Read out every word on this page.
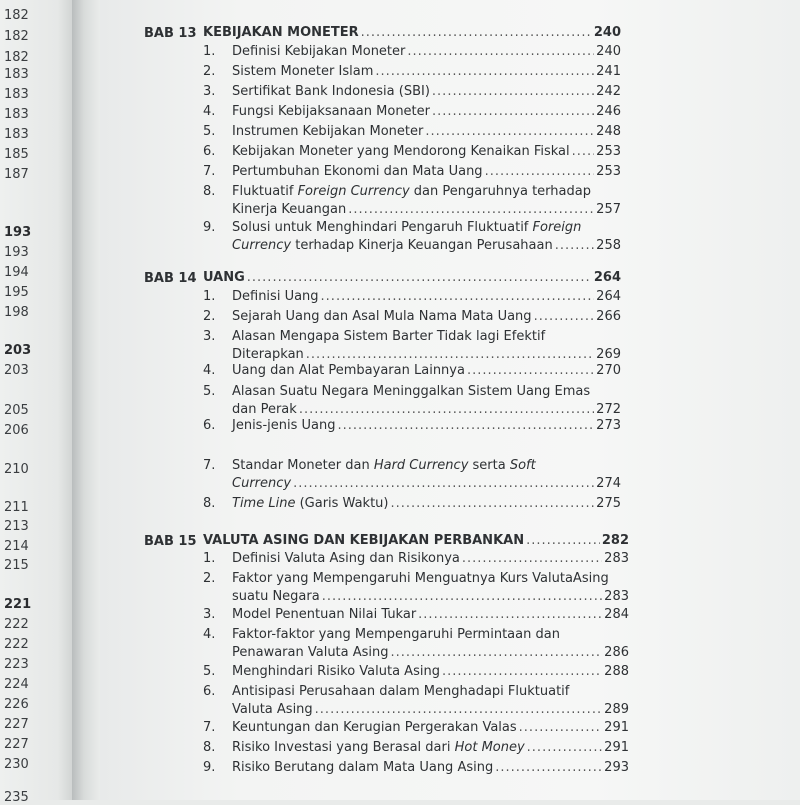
BAB 13 KEBIJAKAN MONETER .....	240
1. Definisi Kebijakan Moneter .....	240
2. Sistem Moneter Islam .....	241
3. Sertifikat Bank Indonesia (SBI) .....	242
4. Fungsi Kebijaksanaan Moneter .....	246
5. Instrumen Kebijakan Moneter .....	248
6. Kebijakan Moneter yang Mendorong Kenaikan Fiskal ..... 253
7. Pertumbuhan Ekonomi dan Mata Uang .....	253
8. Fluktuatif Foreign Currency dan Pengaruhnya terhadap
Kinerja Keuangan .....	257
9. Solusi untuk Menghindari Pengaruh Fluktuatif Foreign
Currency terhadap Kinerja Keuangan Perusahaan .....	258
BAB 14 UANG .....	264
1. Definisi Uang .....	264
2. Sejarah Uang dan Asal Mula Nama Mata Uang .....	266
3. Alasan Mengapa Sistem Barter Tidak lagi Efektif
Diterapkan .....	269
4. Uang dan Alat Pembayaran Lainnya .....	270
5. Alasan Suatu Negara Meninggalkan Sistem Uang Emas
dan Perak .....	272
6. Jenis-jenis Uang .....	273
7. Standar Moneter dan Hard Currency serta Soft
Currency .....	274
8. Time Line (Garis Waktu) .....	275
BAB 15 VALUTA ASING DAN KEBIJAKAN PERBANKAN .....	282
1. Definisi Valuta Asing dan Risikonya .....	283
2. Faktor yang Mempengaruhi Menguatnya Kurs ValutaAsing
suatu Negara .....	283
3. Model Penentuan Nilai Tukar .....	284
4. Faktor-faktor yang Mempengaruhi Permintaan dan
Penawaran Valuta Asing .....	286
5. Menghindari Risiko Valuta Asing .....	288
6. Antisipasi Perusahaan dalam Menghadapi Fluktuatif
Valuta Asing .....	289
7. Keuntungan dan Kerugian Pergerakan Valas .....	291
8. Risiko Investasi yang Berasal dari Hot Money .....	291
9. Risiko Berutang dalam Mata Uang Asing .....	293
182
182
182
183
183
183
183
185
187
193
193
194
195
198
203
203
205
206
210
211
213
214
215
221
222
222
223
224
226
227
227
230
235
